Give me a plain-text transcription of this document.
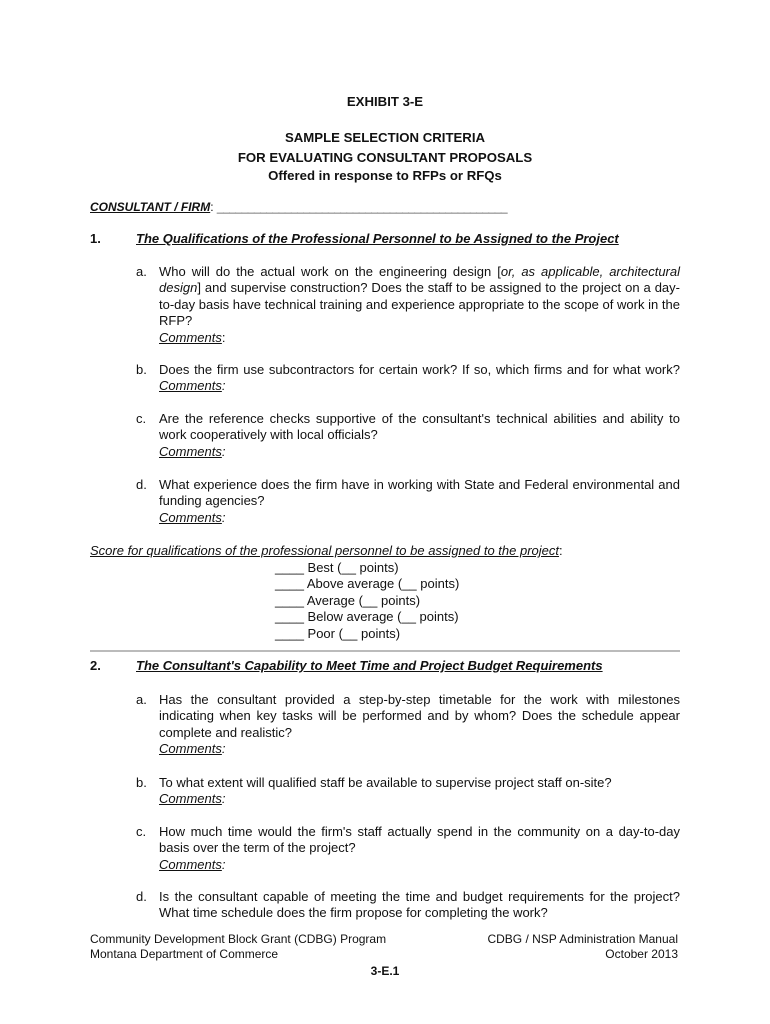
EXHIBIT 3-E
SAMPLE SELECTION CRITERIA
FOR EVALUATING CONSULTANT PROPOSALS
Offered in response to RFPs or RFQs
CONSULTANT / FIRM: _______________________________________________
1.	The Qualifications of the Professional Personnel to be Assigned to the Project
a. Who will do the actual work on the engineering design [or, as applicable, architectural design] and supervise construction? Does the staff to be assigned to the project on a day-to-day basis have technical training and experience appropriate to the scope of work in the RFP?
Comments:
b. Does the firm use subcontractors for certain work? If so, which firms and for what work? Comments:
c. Are the reference checks supportive of the consultant's technical abilities and ability to work cooperatively with local officials?
Comments:
d. What experience does the firm have in working with State and Federal environmental and funding agencies?
Comments:
Score for qualifications of the professional personnel to be assigned to the project:
____ Best (__ points)
____ Above average (__ points)
____ Average (__ points)
____ Below average (__ points)
____ Poor (__ points)
2.	The Consultant's Capability to Meet Time and Project Budget Requirements
a. Has the consultant provided a step-by-step timetable for the work with milestones indicating when key tasks will be performed and by whom? Does the schedule appear complete and realistic?
Comments:
b. To what extent will qualified staff be available to supervise project staff on-site?
Comments:
c. How much time would the firm's staff actually spend in the community on a day-to-day basis over the term of the project?
Comments:
d. Is the consultant capable of meeting the time and budget requirements for the project? What time schedule does the firm propose for completing the work?
Community Development Block Grant (CDBG) Program
Montana Department of Commerce
CDBG / NSP Administration Manual
October 2013
3-E.1
